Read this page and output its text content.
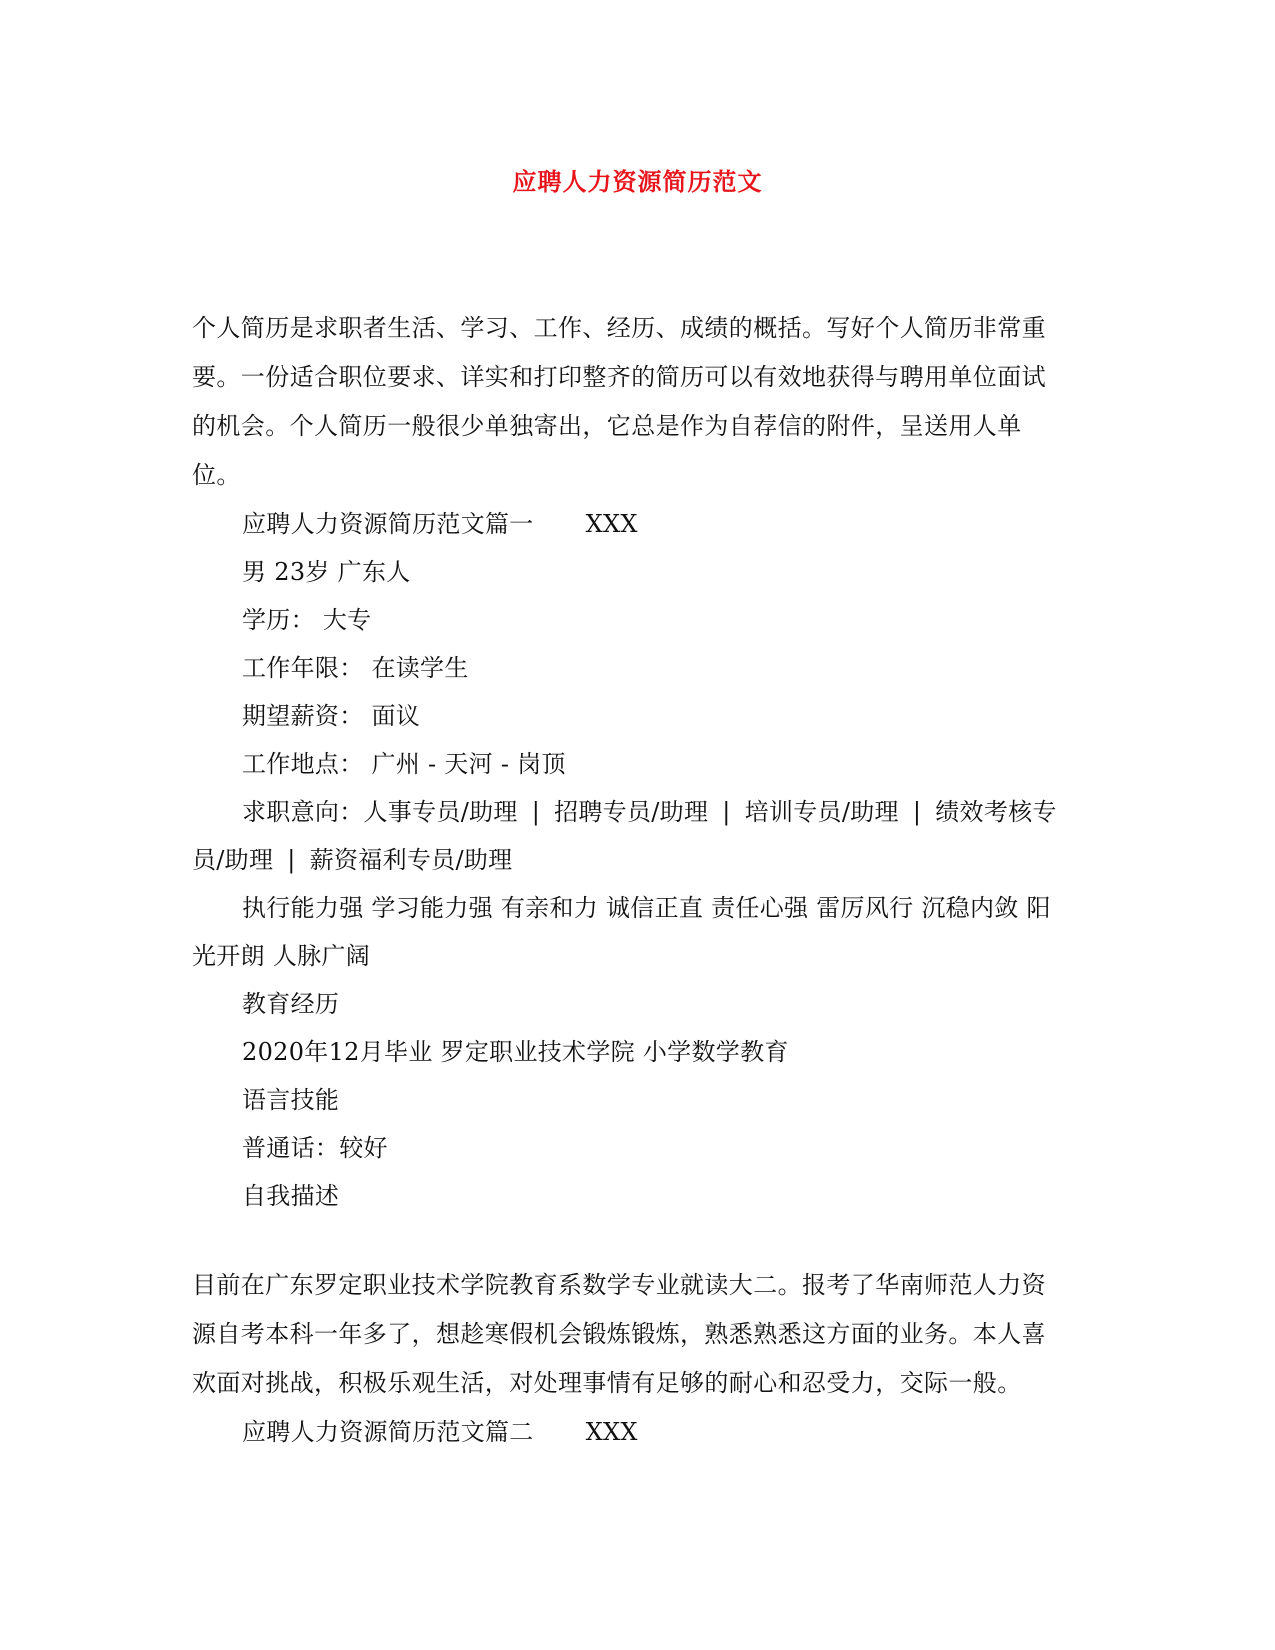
应聘人力资源简历范文

个人简历是求职者生活、学习、工作、经历、成绩的概括。写好个人简历非常重要。一份适合职位要求、详实和打印整齐的简历可以有效地获得与聘用单位面试的机会。个人简历一般很少单独寄出，它总是作为自荐信的附件，呈送用人单位。

应聘人力资源简历范文篇一 XXX

男 23岁 广东人

学历： 大专

工作年限： 在读学生

期望薪资： 面议

工作地点： 广州 - 天河 - 岗顶

求职意向：人事专员/助理 | 招聘专员/助理 | 培训专员/助理 | 绩效考核专员/助理 | 薪资福利专员/助理

执行能力强 学习能力强 有亲和力 诚信正直 责任心强 雷厉风行 沉稳内敛 阳光开朗 人脉广阔

教育经历

2020年12月毕业 罗定职业技术学院 小学数学教育

语言技能

普通话：较好

自我描述

目前在广东罗定职业技术学院教育系数学专业就读大二。报考了华南师范人力资源自考本科一年多了，想趁寒假机会锻炼锻炼，熟悉熟悉这方面的业务。本人喜欢面对挑战，积极乐观生活，对处理事情有足够的耐心和忍受力，交际一般。

应聘人力资源简历范文篇二 XXX
